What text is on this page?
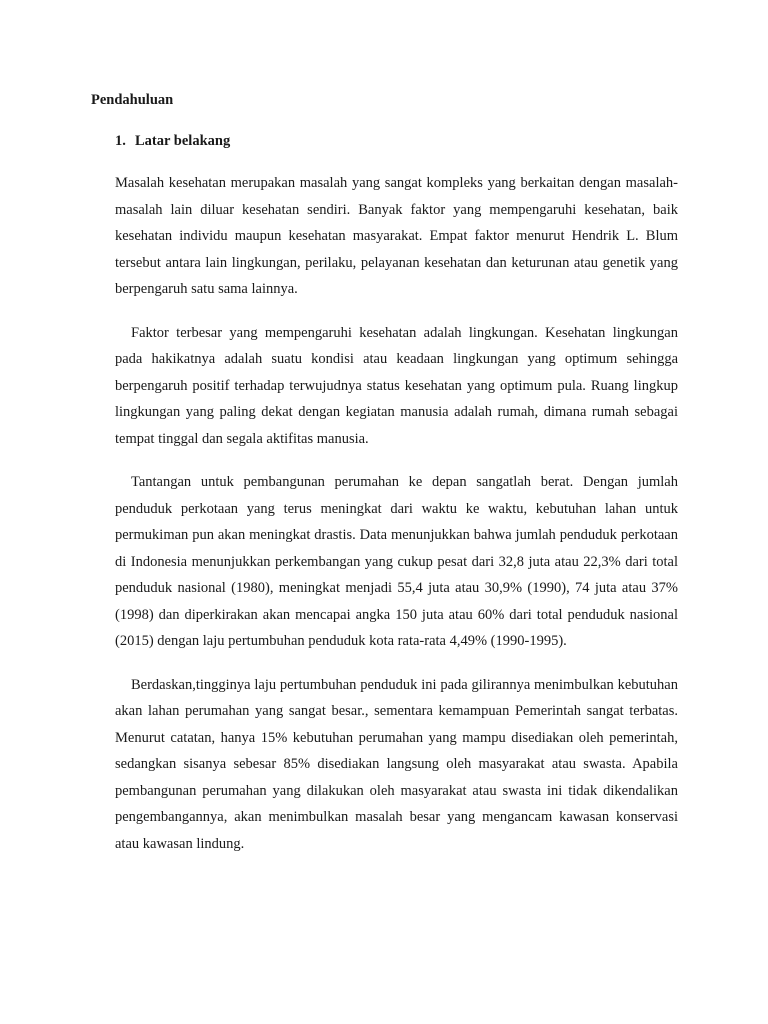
Pendahuluan
1. Latar belakang

Masalah kesehatan merupakan masalah yang sangat kompleks yang berkaitan dengan masalah-masalah lain diluar kesehatan sendiri. Banyak faktor yang mempengaruhi kesehatan, baik kesehatan individu maupun kesehatan masyarakat. Empat faktor menurut Hendrik L. Blum tersebut antara lain lingkungan, perilaku, pelayanan kesehatan dan keturunan atau genetik yang berpengaruh satu sama lainnya.

Faktor terbesar yang mempengaruhi kesehatan adalah lingkungan. Kesehatan lingkungan pada hakikatnya adalah suatu kondisi atau keadaan lingkungan yang optimum sehingga berpengaruh positif terhadap terwujudnya status kesehatan yang optimum pula. Ruang lingkup lingkungan yang paling dekat dengan kegiatan manusia adalah rumah, dimana rumah sebagai tempat tinggal dan segala aktifitas manusia.

Tantangan untuk pembangunan perumahan ke depan sangatlah berat. Dengan jumlah penduduk perkotaan yang terus meningkat dari waktu ke waktu, kebutuhan lahan untuk permukiman pun akan meningkat drastis. Data menunjukkan bahwa jumlah penduduk perkotaan di Indonesia menunjukkan perkembangan yang cukup pesat dari 32,8 juta atau 22,3% dari total penduduk nasional (1980), meningkat menjadi 55,4 juta atau 30,9% (1990), 74 juta atau 37% (1998) dan diperkirakan akan mencapai angka 150 juta atau 60% dari total penduduk nasional (2015) dengan laju pertumbuhan penduduk kota rata-rata 4,49% (1990-1995).

Berdaskan,tingginya laju pertumbuhan penduduk ini pada gilirannya menimbulkan kebutuhan akan lahan perumahan yang sangat besar., sementara kemampuan Pemerintah sangat terbatas. Menurut catatan, hanya 15% kebutuhan perumahan yang mampu disediakan oleh pemerintah, sedangkan sisanya sebesar 85% disediakan langsung oleh masyarakat atau swasta. Apabila pembangunan perumahan yang dilakukan oleh masyarakat atau swasta ini tidak dikendalikan pengembangannya, akan menimbulkan masalah besar yang mengancam kawasan konservasi atau kawasan lindung.
